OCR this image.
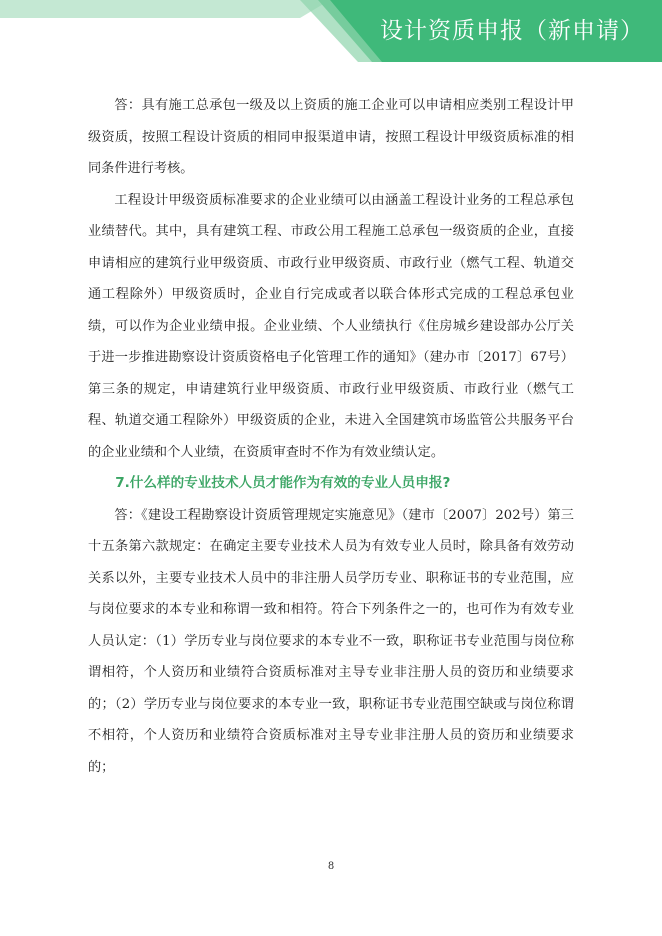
设计资质申报（新申请）

答：具有施工总承包一级及以上资质的施工企业可以申请相应类别工程设计甲级资质，按照工程设计资质的相同申报渠道申请，按照工程设计甲级资质标准的相同条件进行考核。

工程设计甲级资质标准要求的企业业绩可以由涵盖工程设计业务的工程总承包业绩替代。其中，具有建筑工程、市政公用工程施工总承包一级资质的企业，直接申请相应的建筑行业甲级资质、市政行业甲级资质、市政行业（燃气工程、轨道交通工程除外）甲级资质时，企业自行完成或者以联合体形式完成的工程总承包业绩，可以作为企业业绩申报。企业业绩、个人业绩执行《住房城乡建设部办公厅关于进一步推进勘察设计资质资格电子化管理工作的通知》（建办市〔2017〕67号）第三条的规定，申请建筑行业甲级资质、市政行业甲级资质、市政行业（燃气工程、轨道交通工程除外）甲级资质的企业，未进入全国建筑市场监管公共服务平台的企业业绩和个人业绩，在资质审查时不作为有效业绩认定。

7.什么样的专业技术人员才能作为有效的专业人员申报?

答：《建设工程勘察设计资质管理规定实施意见》（建市〔2007〕202号）第三十五条第六款规定：在确定主要专业技术人员为有效专业人员时，除具备有效劳动关系以外，主要专业技术人员中的非注册人员学历专业、职称证书的专业范围，应与岗位要求的本专业和称谓一致和相符。符合下列条件之一的，也可作为有效专业人员认定：（1）学历专业与岗位要求的本专业不一致，职称证书专业范围与岗位称谓相符，个人资历和业绩符合资质标准对主导专业非注册人员的资历和业绩要求的；（2）学历专业与岗位要求的本专业一致，职称证书专业范围空缺或与岗位称谓不相符，个人资历和业绩符合资质标准对主导专业非注册人员的资历和业绩要求的；

8
